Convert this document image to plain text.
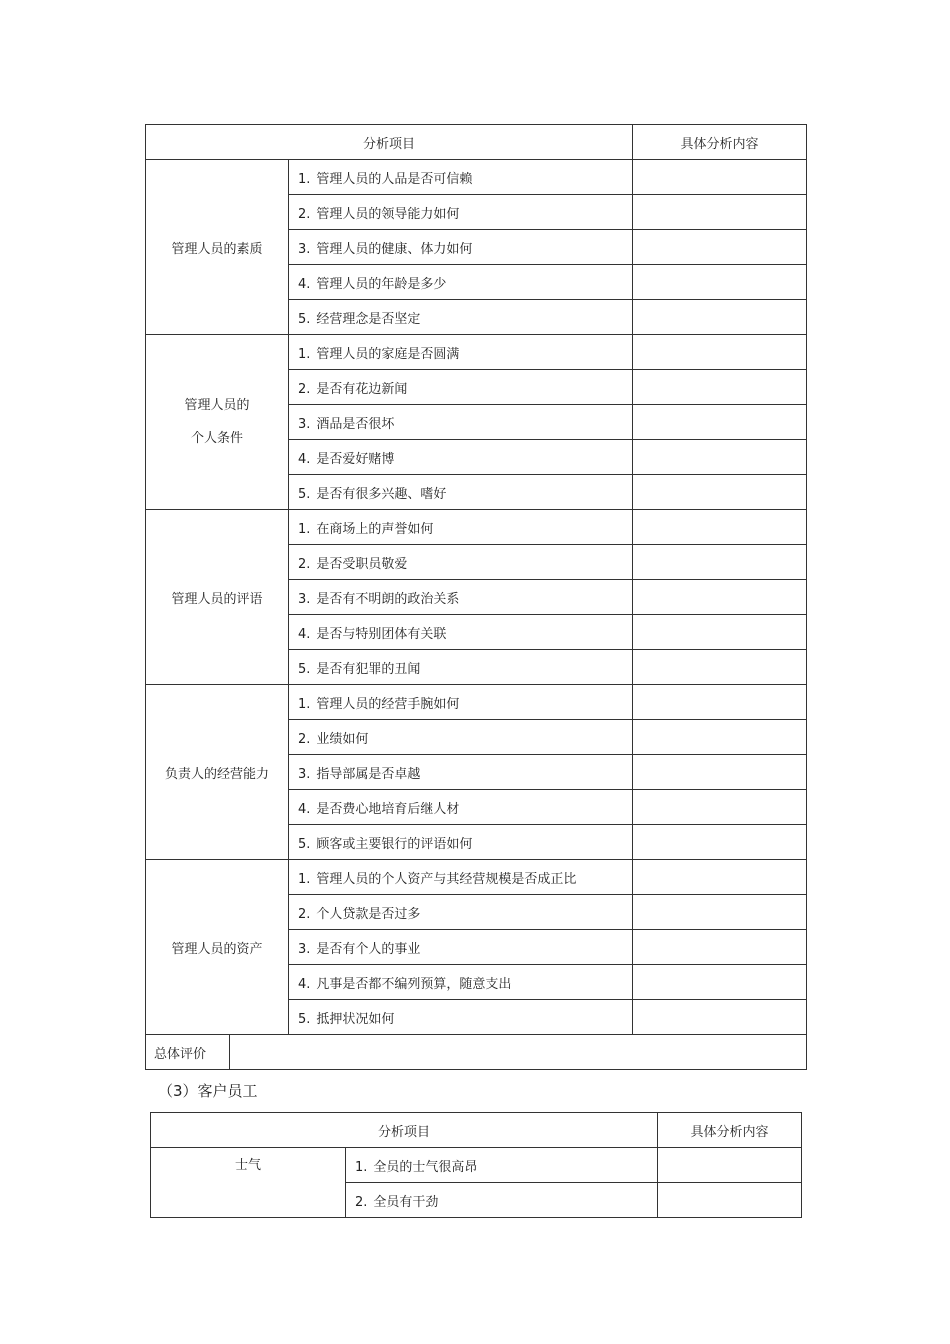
分析项目			具体分析内容
管理人员的素质		1. 管理人员的人品是否可信赖	
		2. 管理人员的领导能力如何	
		3. 管理人员的健康、体力如何	
		4. 管理人员的年龄是多少	
		5. 经营理念是否坚定	

管理人员的
个人条件		1. 管理人员的家庭是否圆满	
		2. 是否有花边新闻	
		3. 酒品是否很坏	
		4. 是否爱好赌博	
		5. 是否有很多兴趣、嗜好	
管理人员的评语		1. 在商场上的声誉如何	
		2. 是否受职员敬爱	
		3. 是否有不明朗的政治关系	
		4. 是否与特别团体有关联	
		5. 是否有犯罪的丑闻	
负责人的经营能力		1. 管理人员的经营手腕如何	
		2. 业绩如何	
		3. 指导部属是否卓越	
		4. 是否费心地培育后继人材	
		5. 顾客或主要银行的评语如何	
管理人员的资产		1. 管理人员的个人资产与其经营规模是否成正比	
		2. 个人贷款是否过多	
		3. 是否有个人的事业	
		4. 凡事是否都不编列预算，随意支出	
		5. 抵押状况如何	
总体评价			
（3）客户员工
分析项目		具体分析内容
士气	1. 全员的士气很高昂	
	2. 全员有干劲	
